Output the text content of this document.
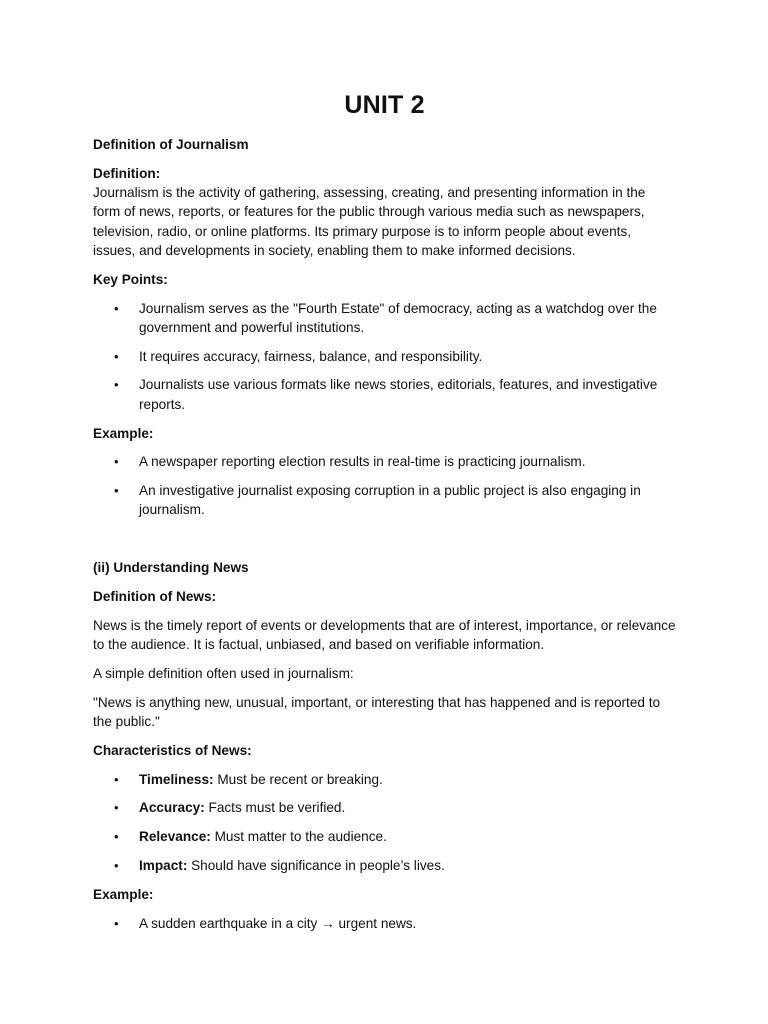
UNIT 2
Definition of Journalism
Definition:
Journalism is the activity of gathering, assessing, creating, and presenting information in the form of news, reports, or features for the public through various media such as newspapers, television, radio, or online platforms. Its primary purpose is to inform people about events, issues, and developments in society, enabling them to make informed decisions.
Key Points:
• Journalism serves as the "Fourth Estate" of democracy, acting as a watchdog over the government and powerful institutions.
• It requires accuracy, fairness, balance, and responsibility.
• Journalists use various formats like news stories, editorials, features, and investigative reports.
Example:
• A newspaper reporting election results in real-time is practicing journalism.
• An investigative journalist exposing corruption in a public project is also engaging in journalism.
(ii) Understanding News
Definition of News:
News is the timely report of events or developments that are of interest, importance, or relevance to the audience. It is factual, unbiased, and based on verifiable information.
A simple definition often used in journalism:
"News is anything new, unusual, important, or interesting that has happened and is reported to the public."
Characteristics of News:
• Timeliness: Must be recent or breaking.
• Accuracy: Facts must be verified.
• Relevance: Must matter to the audience.
• Impact: Should have significance in people’s lives.
Example:
• A sudden earthquake in a city → urgent news.
